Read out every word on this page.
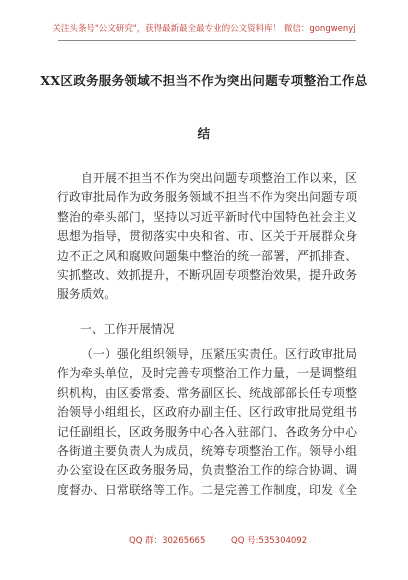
关注头条号"公文研究"，获得最新最全最专业的公文资料库！ 微信：gongwenyj
XX区政务服务领域不担当不作为突出问题专项整治工作总
结
自开展不担当不作为突出问题专项整治工作以来，区
行政审批局作为政务服务领域不担当不作为突出问题专项
整治的牵头部门，坚持以习近平新时代中国特色社会主义
思想为指导，贯彻落实中央和省、市、区关于开展群众身
边不正之风和腐败问题集中整治的统一部署，严抓排查、
实抓整改、效抓提升，不断巩固专项整治效果，提升政务
服务质效。
一、工作开展情况
（一）强化组织领导，压紧压实责任。区行政审批局
作为牵头单位，及时完善专项整治工作力量，一是调整组
织机构，由区委常委、常务副区长、统战部部长任专项整
治领导小组组长，区政府办副主任、区行政审批局党组书
记任副组长，区政务服务中心各入驻部门、各政务分中心
各街道主要负责人为成员，统筹专项整治工作。领导小组
办公室设在区政务服务局，负责整治工作的综合协调、调
度督办、日常联络等工作。二是完善工作制度，印发《全
QQ 群：30265665	QQ 号:535304092
